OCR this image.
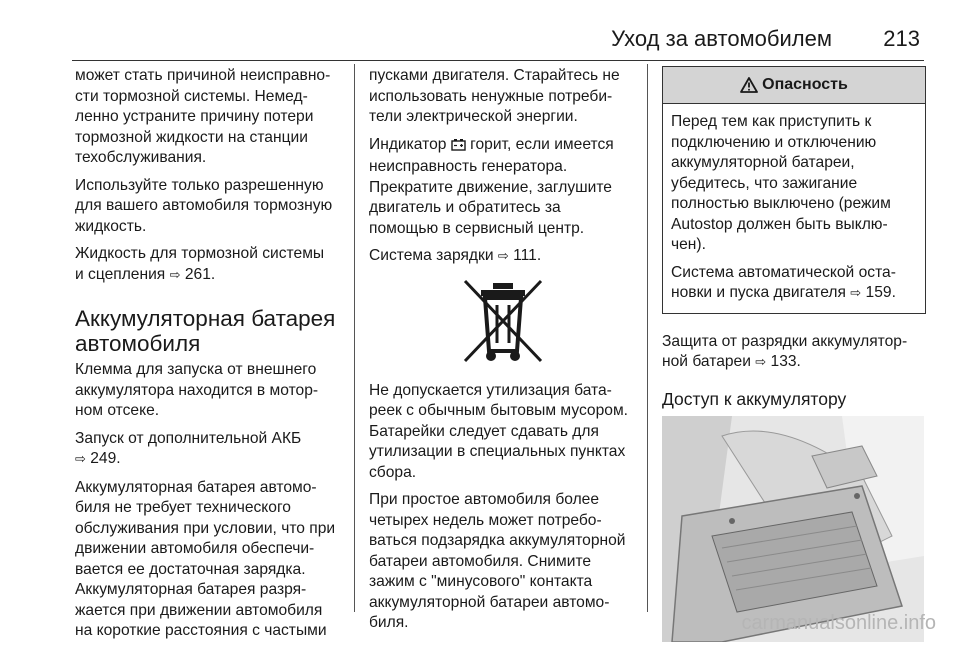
Уход за автомобилем 213

может стать причиной неисправно-
сти тормозной системы. Немед-
ленно устраните причину потери
тормозной жидкости на станции
техобслуживания.

Используйте только разрешенную
для вашего автомобиля тормозную
жидкость.

Жидкость для тормозной системы
и сцепления ⇨ 261.

Аккумуляторная батарея
автомобиля

Клемма для запуска от внешнего
аккумулятора находится в мотор-
ном отсеке.

Запуск от дополнительной АКБ
⇨ 249.

Аккумуляторная батарея автомо-
биля не требует технического
обслуживания при условии, что при
движении автомобиля обеспечи-
вается ее достаточная зарядка.
Аккумуляторная батарея разря-
жается при движении автомобиля
на короткие расстояния с частыми

пусками двигателя. Старайтесь не
использовать ненужные потреби-
тели электрической энергии.

Индикатор горит, если имеется
неисправность генератора.
Прекратите движение, заглушите
двигатель и обратитесь за
помощью в сервисный центр.

Система зарядки ⇨ 111.

Не допускается утилизация бата-
реек с обычным бытовым мусором.
Батарейки следует сдавать для
утилизации в специальных пунктах
сбора.

При простое автомобиля более
четырех недель может потребо-
ваться подзарядка аккумуляторной
батареи автомобиля. Снимите
зажим с "минусового" контакта
аккумуляторной батареи автомо-
биля.

Опасность

Перед тем как приступить к
подключению и отключению
аккумуляторной батареи,
убедитесь, что зажигание
полностью выключено (режим
Autostop должен быть выклю-
чен).

Система автоматической оста-
новки и пуска двигателя ⇨ 159.

Защита от разрядки аккумулятор-
ной батареи ⇨ 133.

Доступ к аккумулятору
carmanualsonline.info
